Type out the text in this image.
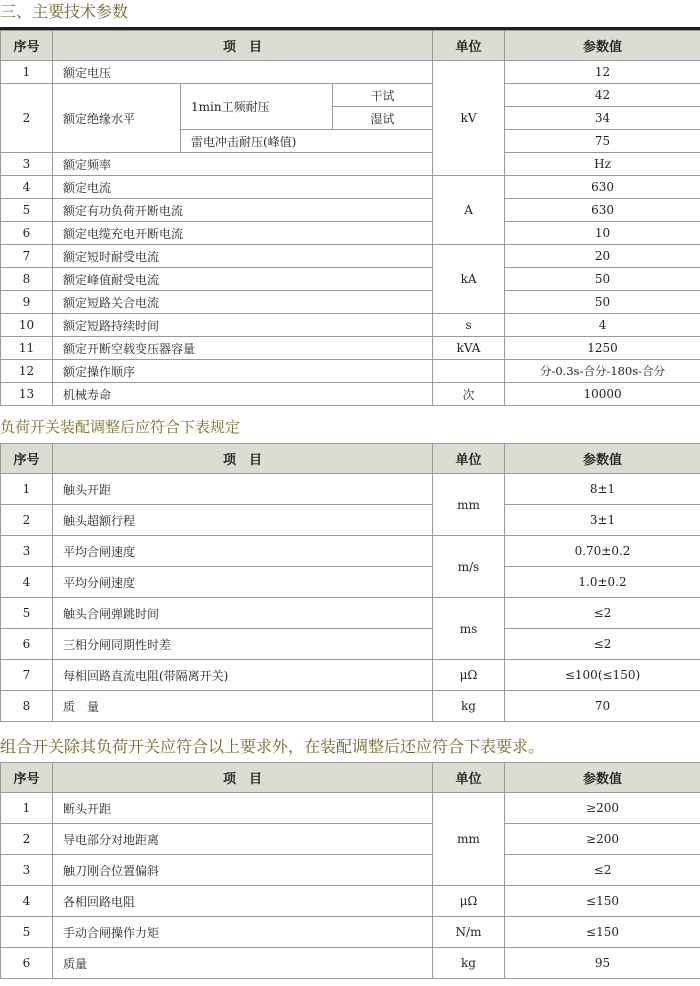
三、主要技术参数
序号	项　目			单位	参数值	
1	额定电压			kV	12	
2	额定绝缘水平	1min工频耐压	干试		42	
			湿试		34	
		雷电冲击耐压(峰值)			75	
3	额定频率				Hz	
4	额定电流			A	630	
5	额定有功负荷开断电流				630	
6	额定电缆充电开断电流				10	
7	额定短时耐受电流			kA	20	
8	额定峰值耐受电流				50	
9	额定短路关合电流				50	
10	额定短路持续时间			s	4	
11	额定开断空载变压器容量			kVA	1250	
12	额定操作顺序				分-0.3s-合分-180s-合分	
13	机械寿命			次	10000	
负荷开关装配调整后应符合下表规定
序号	项　目	单位	参数值
1	触头开距	mm	8±1
2	触头超额行程		3±1
3	平均合闸速度	m/s	0.70±0.2
4	平均分闸速度		1.0±0.2
5	触头合闸弹跳时间	ms	≤2
6	三相分闸同期性时差		≤2
7	每相回路直流电阻(带隔离开关)	μΩ	≤100(≤150)
8	质　量	kg	70
组合开关除其负荷开关应符合以上要求外，在装配调整后还应符合下表要求。
序号	项　目	单位	参数值
1	断头开距	mm	≥200
2	导电部分对地距离		≥200
3	触刀刚合位置偏斜		≤2
4	各相回路电阻	μΩ	≤150
5	手动合闸操作力矩	N/m	≤150
6	质量	kg	95
